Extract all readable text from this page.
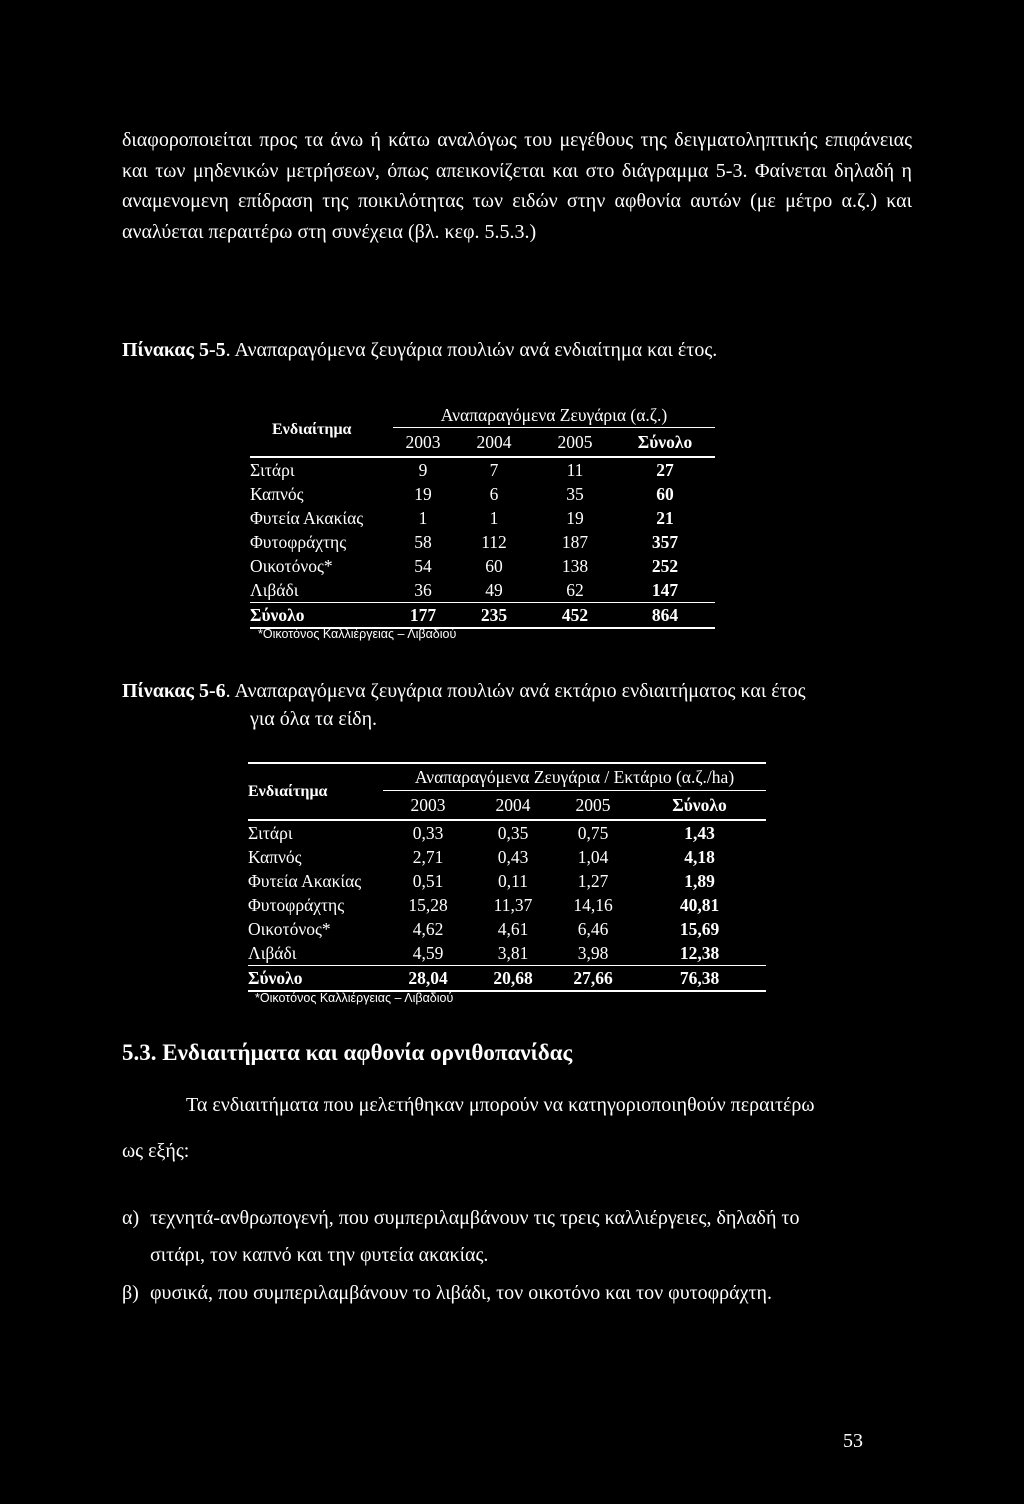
διαφοροποιείται προς τα άνω ή κάτω αναλόγως του μεγέθους της δειγματοληπτικής επιφάνειας και των μηδενικών μετρήσεων, όπως απεικονίζεται και στο διάγραμμα 5-3. Φαίνεται δηλαδή η αναμενομενη επίδραση της ποικιλότητας των ειδών στην αφθονία αυτών (με μέτρο α.ζ.) και αναλύεται περαιτέρω στη συνέχεια (βλ. κεφ. 5.5.3.)

Πίνακας 5-5. Αναπαραγόμενα ζευγάρια πουλιών ανά ενδιαίτημα και έτος.

Ενδιαίτημα	Αναπαραγόμενα Ζευγάρια (α.ζ.)			
	2003	2004	2005	Σύνολο
Σιτάρι	9	7	11	27
Καπνός	19	6	35	60
Φυτεία Ακακίας	1	1	19	21
Φυτοφράχτης	58	112	187	357
Οικοτόνος*	54	60	138	252
Λιβάδι	36	49	62	147
Σύνολο	177	235	452	864
*Οικοτόνος Καλλιέργειας – Λιβαδιού

Πίνακας 5-6. Αναπαραγόμενα ζευγάρια πουλιών ανά εκτάριο ενδιαιτήματος και έτος
για όλα τα είδη.

Ενδιαίτημα	Αναπαραγόμενα Ζευγάρια / Εκτάριο (α.ζ./ha)			
	2003	2004	2005	Σύνολο
Σιτάρι	0,33	0,35	0,75	1,43
Καπνός	2,71	0,43	1,04	4,18
Φυτεία Ακακίας	0,51	0,11	1,27	1,89
Φυτοφράχτης	15,28	11,37	14,16	40,81
Οικοτόνος*	4,62	4,61	6,46	15,69
Λιβάδι	4,59	3,81	3,98	12,38
Σύνολο	28,04	20,68	27,66	76,38
*Οικοτόνος Καλλιέργειας – Λιβαδιού
5.3. Ενδιαιτήματα και αφθονία ορνιθοπανίδας
Τα ενδιαιτήματα που μελετήθηκαν μπορούν να κατηγοριοποιηθούν περαιτέρω
ως εξής:
α) τεχνητά-ανθρωπογενή, που συμπεριλαμβάνουν τις τρεις καλλιέργειες, δηλαδή το
σιτάρι, τον καπνό και την φυτεία ακακίας.
β) φυσικά, που συμπεριλαμβάνουν το λιβάδι, τον οικοτόνο και τον φυτοφράχτη.
53
